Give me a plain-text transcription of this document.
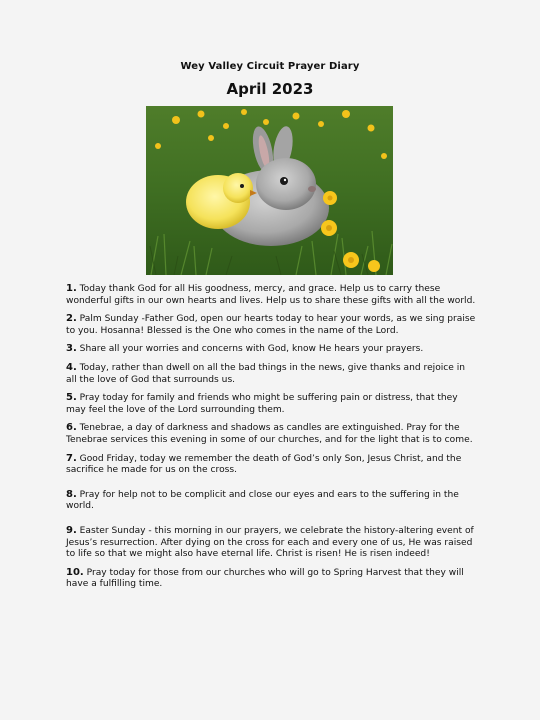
Wey Valley Circuit Prayer Diary
April 2023

1. Today thank God for all His goodness, mercy, and grace. Help us to carry these wonderful gifts in our own hearts and lives. Help us to share these gifts with all the world.

2. Palm Sunday -Father God, open our hearts today to hear your words, as we sing praise to you. Hosanna! Blessed is the One who comes in the name of the Lord.

3. Share all your worries and concerns with God, know He hears your prayers.

4. Today, rather than dwell on all the bad things in the news, give thanks and rejoice in all the love of God that surrounds us.

5. Pray today for family and friends who might be suffering pain or distress, that they may feel the love of the Lord surrounding them.

6. Tenebrae, a day of darkness and shadows as candles are extinguished. Pray for the Tenebrae services this evening in some of our churches, and for the light that is to come.

7. Good Friday, today we remember the death of God’s only Son, Jesus Christ, and the sacrifice he made for us on the cross.

8. Pray for help not to be complicit and close our eyes and ears to the suffering in the world.

9. Easter Sunday - this morning in our prayers, we celebrate the history-altering event of Jesus’s resurrection. After dying on the cross for each and every one of us, He was raised to life so that we might also have eternal life. Christ is risen! He is risen indeed!

10. Pray today for those from our churches who will go to Spring Harvest that they will have a fulfilling time.
